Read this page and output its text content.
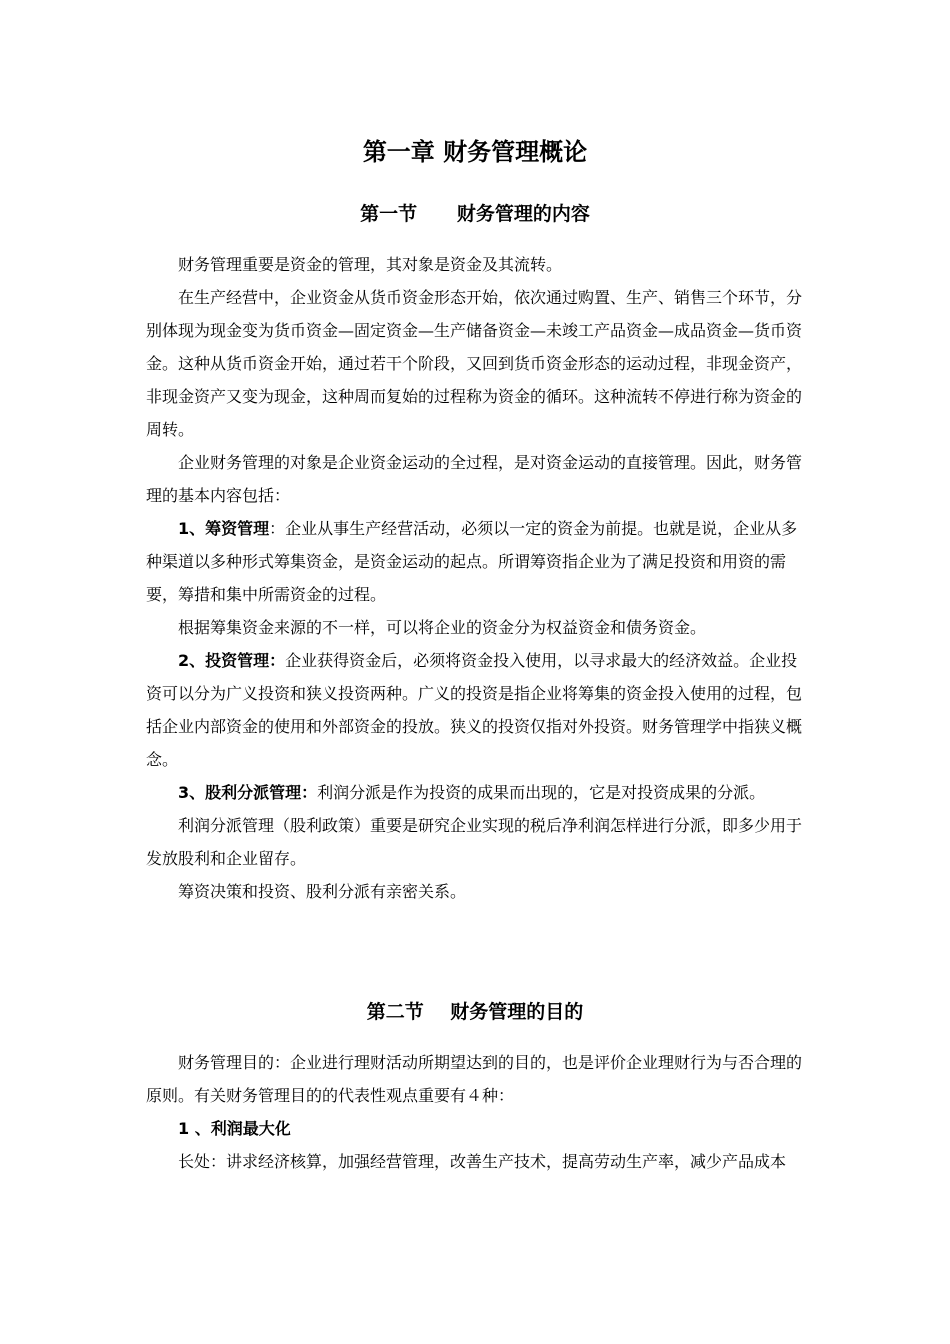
第一章 财务管理概论
第一节      财务管理的内容

财务管理重要是资金的管理，其对象是资金及其流转。

在生产经营中，企业资金从货币资金形态开始，依次通过购置、生产、销售三个环节，分别体现为现金变为货币资金—固定资金—生产储备资金—未竣工产品资金—成品资金—货币资金。这种从货币资金开始，通过若干个阶段，又回到货币资金形态的运动过程，非现金资产，非现金资产又变为现金，这种周而复始的过程称为资金的循环。这种流转不停进行称为资金的周转。

企业财务管理的对象是企业资金运动的全过程，是对资金运动的直接管理。因此，财务管理的基本内容包括：

1、筹资管理：企业从事生产经营活动，必须以一定的资金为前提。也就是说，企业从多种渠道以多种形式筹集资金，是资金运动的起点。所谓筹资指企业为了满足投资和用资的需要，筹措和集中所需资金的过程。

根据筹集资金来源的不一样，可以将企业的资金分为权益资金和债务资金。

2、投资管理：企业获得资金后，必须将资金投入使用，以寻求最大的经济效益。企业投资可以分为广义投资和狭义投资两种。广义的投资是指企业将筹集的资金投入使用的过程，包括企业内部资金的使用和外部资金的投放。狭义的投资仅指对外投资。财务管理学中指狭义概念。

3、股利分派管理：利润分派是作为投资的成果而出现的，它是对投资成果的分派。

利润分派管理（股利政策）重要是研究企业实现的税后净利润怎样进行分派，即多少用于发放股利和企业留存。

筹资决策和投资、股利分派有亲密关系。

第二节    财务管理的目的

财务管理目的：企业进行理财活动所期望达到的目的，也是评价企业理财行为与否合理的原则。有关财务管理目的的代表性观点重要有４种：

1 、利润最大化

长处：讲求经济核算，加强经营管理，改善生产技术，提高劳动生产率，减少产品成本
